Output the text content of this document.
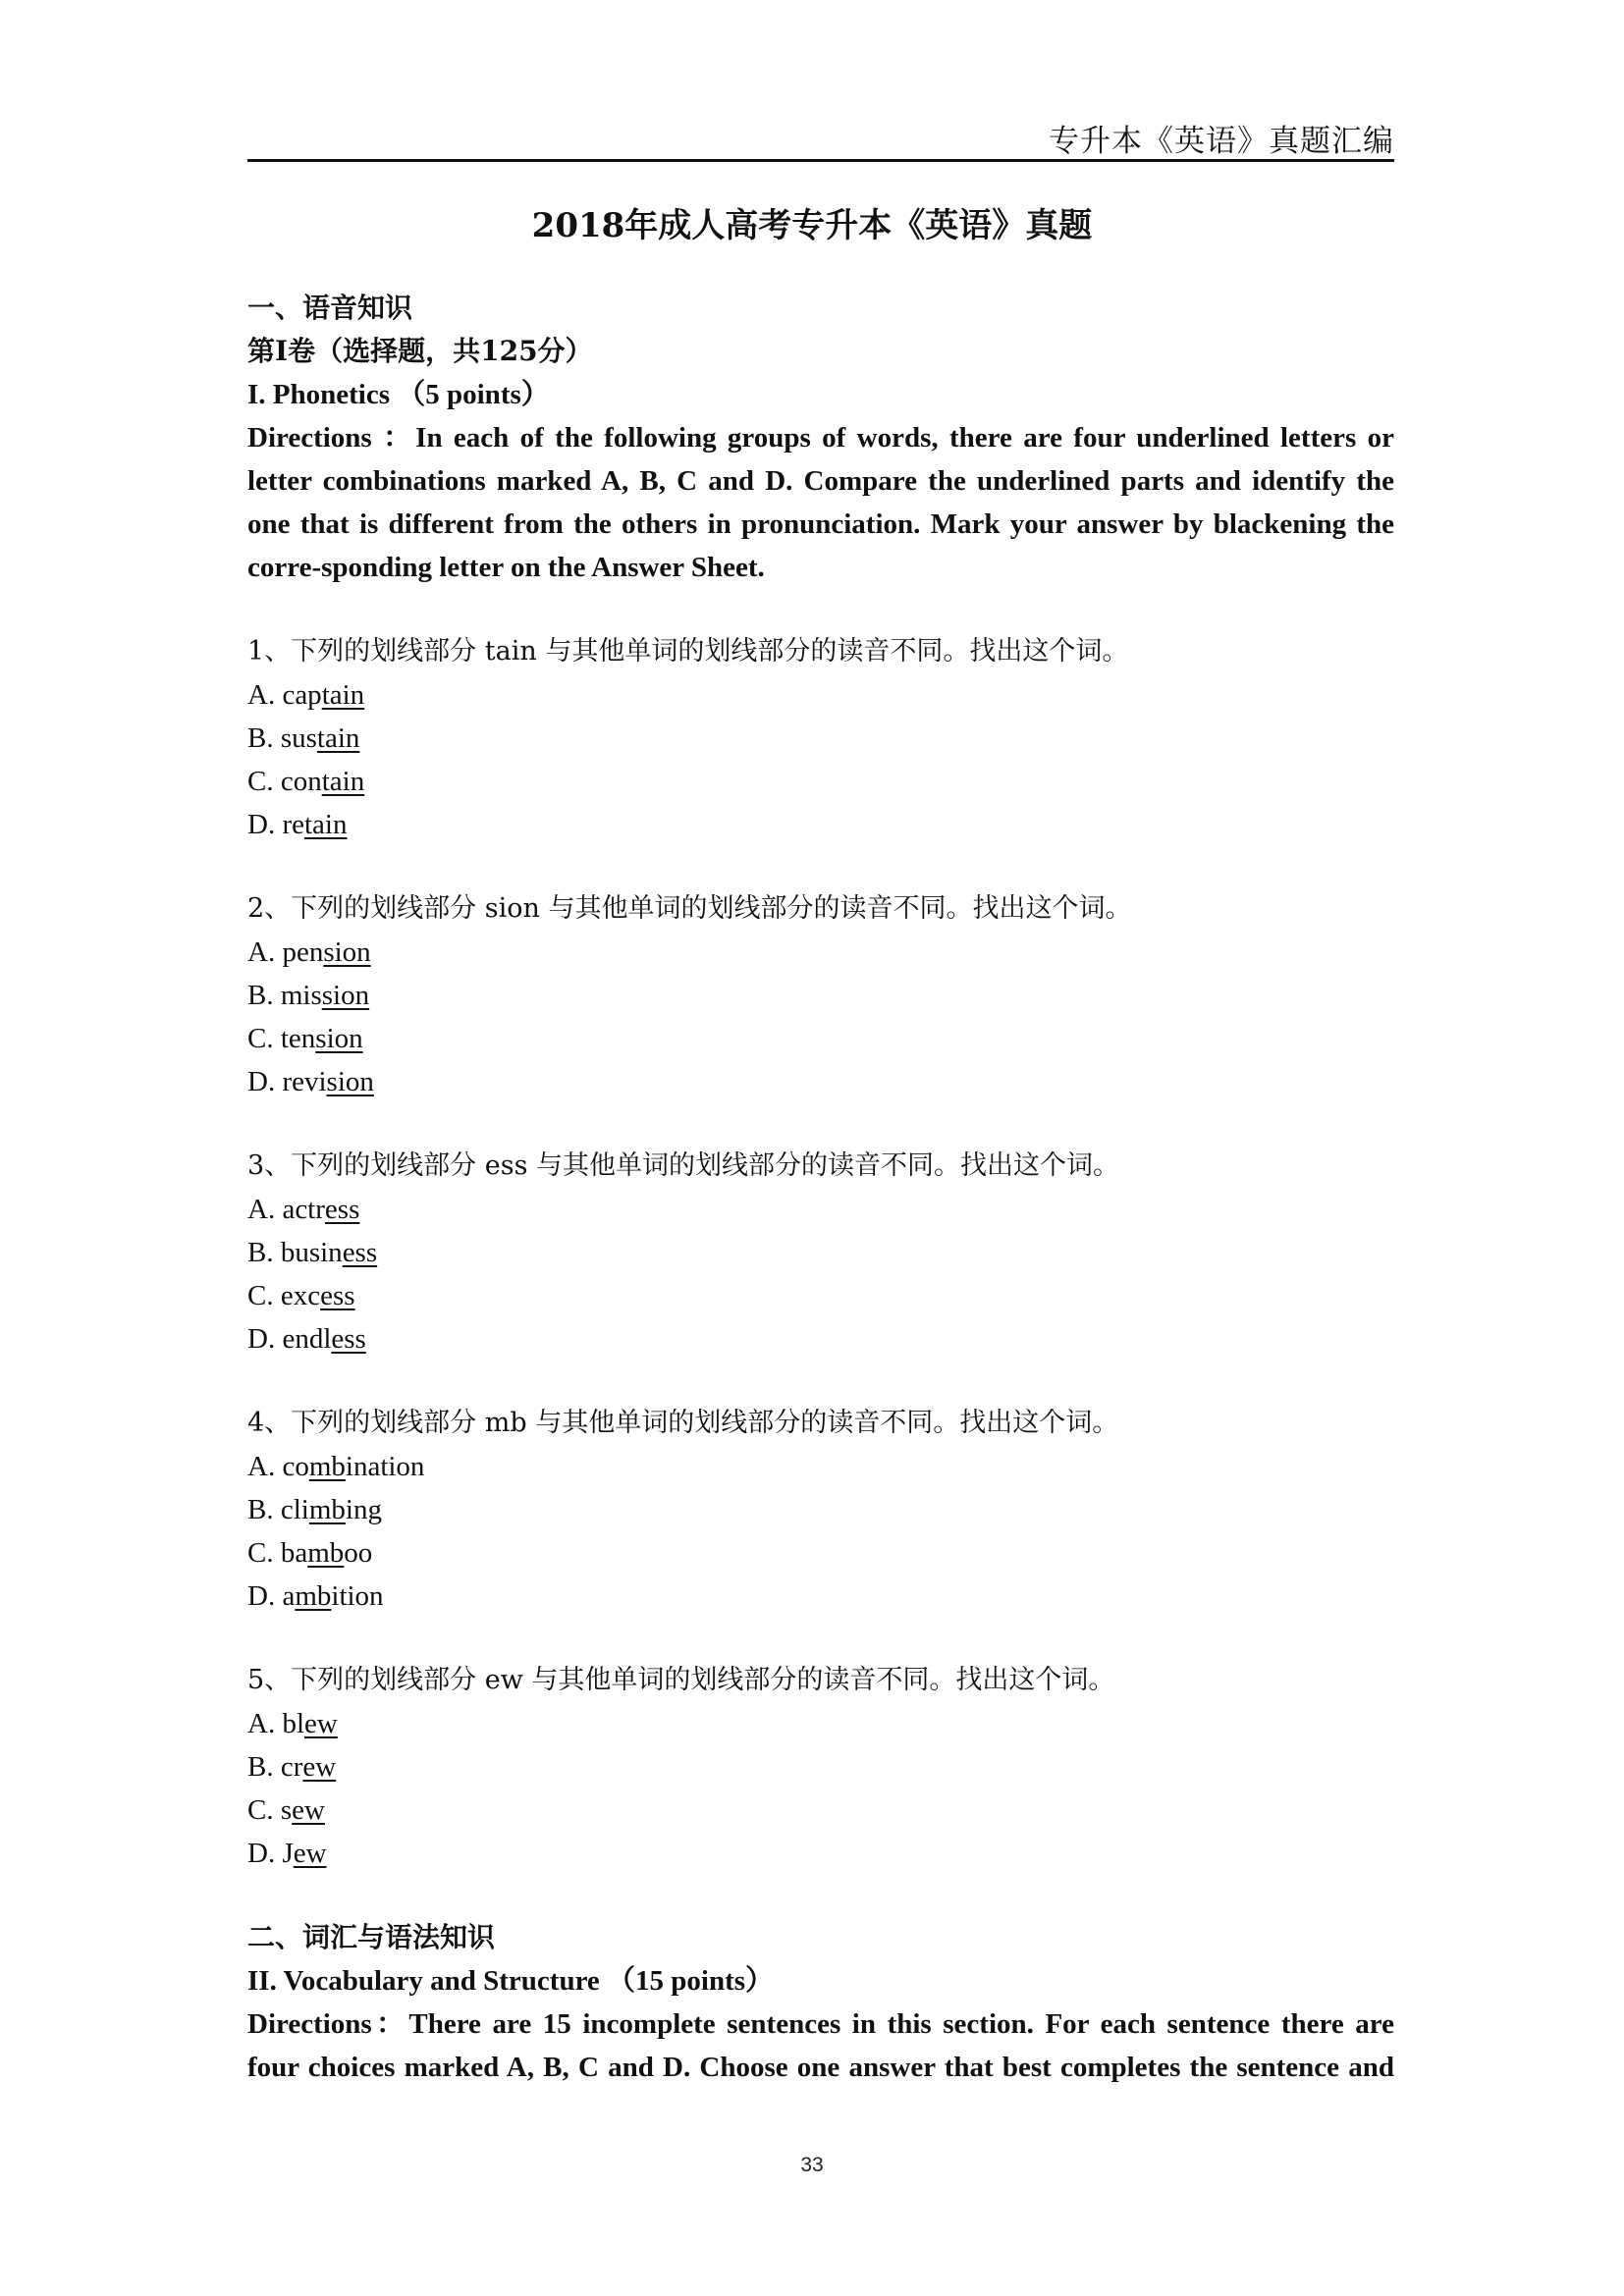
专升本《英语》真题汇编
2018年成人高考专升本《英语》真题
一、语音知识
第I卷（选择题，共125分）
I. Phonetics （5 points）
Directions ：In each of the following groups of words, there are four underlined letters or
letter combinations marked A, B, C and D. Compare the underlined parts and identify the
one that is different from the others in pronunciation. Mark your answer by blackening the
corre-sponding letter on the Answer Sheet.
1、下列的划线部分 tain 与其他单词的划线部分的读音不同。找出这个词。
A. captain
B. sustain
C. contain
D. retain
2、下列的划线部分 sion 与其他单词的划线部分的读音不同。找出这个词。
A. pension
B. mission
C. tension
D. revision
3、下列的划线部分 ess 与其他单词的划线部分的读音不同。找出这个词。
A. actress
B. business
C. excess
D. endless
4、下列的划线部分 mb 与其他单词的划线部分的读音不同。找出这个词。
A. combination
B. climbing
C. bamboo
D. ambition
5、下列的划线部分 ew 与其他单词的划线部分的读音不同。找出这个词。
A. blew
B. crew
C. sew
D. Jew
二、词汇与语法知识
II. Vocabulary and Structure （15 points）
Directions：There are 15 incomplete sentences in this section. For each sentence there are
four choices marked A, B, C and D. Choose one answer that best completes the sentence and
33
